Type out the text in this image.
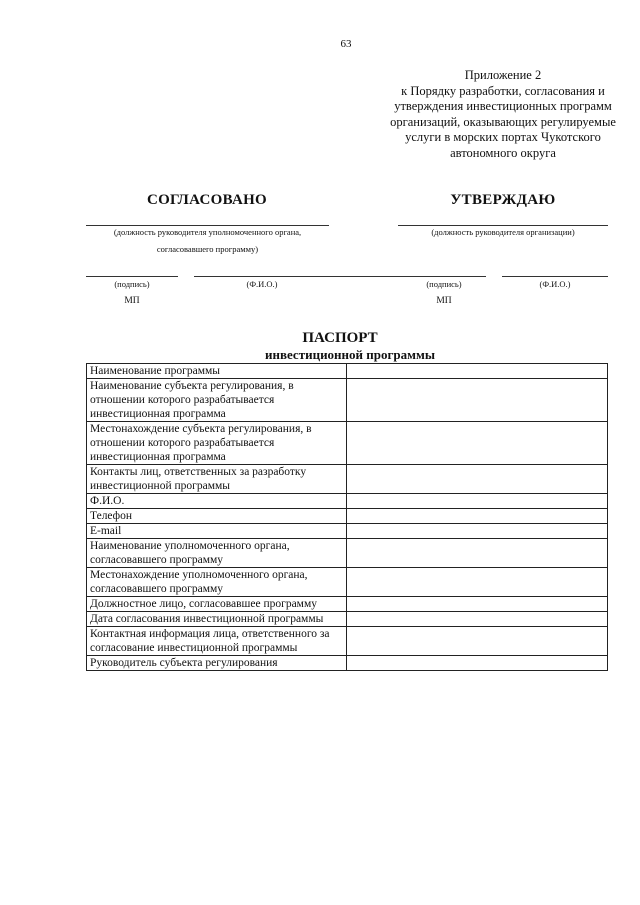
63
Приложение 2
к Порядку разработки, согласования и
утверждения инвестиционных программ
организаций, оказывающих регулируемые
услуги в морских портах Чукотского
автономного округа
СОГЛАСОВАНО
(должность руководителя уполномоченного органа,
согласовавшего программу)
(подпись)	(Ф.И.О.)
МП
УТВЕРЖДАЮ
(должность руководителя организации)
(подпись)	(Ф.И.О.)
МП
ПАСПОРТ
инвестиционной программы
Наименование программы	
Наименование субъекта регулирования, в отношении которого разрабатывается инвестиционная программа	
Местонахождение субъекта регулирования, в отношении которого разрабатывается инвестиционная программа	
Контакты лиц, ответственных за разработку инвестиционной программы	
Ф.И.О.	
Телефон	
E-mail	
Наименование уполномоченного органа, согласовавшего программу	
Местонахождение уполномоченного органа, согласовавшего программу	
Должностное лицо, согласовавшее программу	
Дата согласования инвестиционной программы	
Контактная информация лица, ответственного за согласование инвестиционной программы	
Руководитель субъекта регулирования	
